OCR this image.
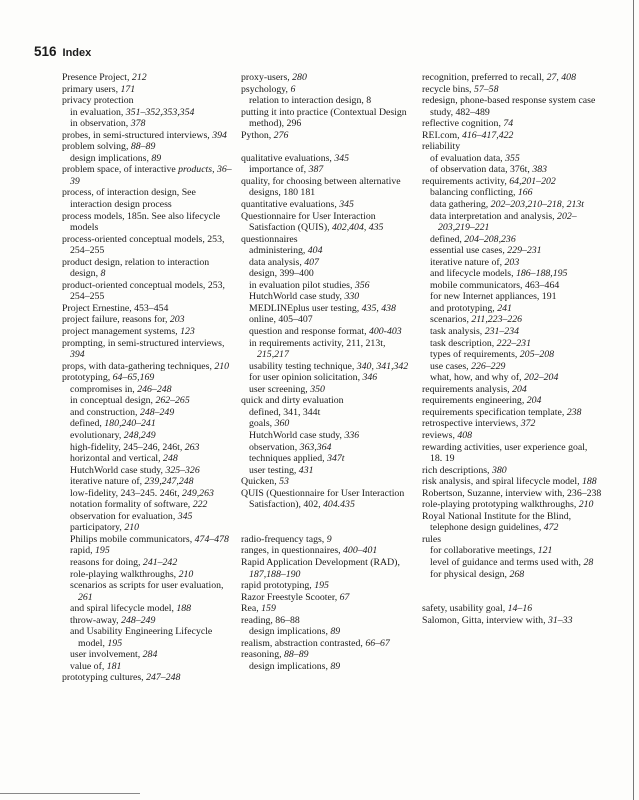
516 Index
Presence Project, 212
primary users, 171
privacy protection
in evaluation, 351–352,353,354
in observation, 378
probes, in semi-structured interviews, 394
problem solving, 88–89
design implications, 89
problem space, of interactive products, 36–39
process, of interaction design, See interaction design process
process models, 185n. See also lifecycle models
process-oriented conceptual models, 253, 254–255
product design, relation to interaction design, 8
product-oriented conceptual models, 253, 254–255
Project Ernestine, 453–454
project failure, reasons for, 203
project management systems, 123
prompting, in semi-structured interviews, 394
props, with data-gathering techniques, 210
prototyping, 64–65,169
compromises in, 246–248
in conceptual design, 262–265
and construction, 248–249
defined, 180,240–241
evolutionary, 248,249
high-fidelity, 245–246, 246t, 263
horizontal and vertical, 248
HutchWorld case study, 325–326
iterative nature of, 239,247,248
low-fidelity, 243–245. 246t, 249,263
notation formality of software, 222
observation for evaluation, 345
participatory, 210
Philips mobile communicators, 474–478
rapid, 195
reasons for doing, 241–242
role-playing walkthroughs, 210
scenarios as scripts for user evaluation, 261
and spiral lifecycle model, 188
throw-away, 248–249
and Usability Engineering Lifecycle model, 195
user involvement, 284
value of, 181
prototyping cultures, 247–248
proxy-users, 280
psychology, 6
relation to interaction design, 8
putting it into practice (Contextual Design method), 296
Python, 276
qualitative evaluations, 345
importance of, 387
quality, for choosing between alternative designs, 180 181
quantitative evaluations, 345
Questionnaire for User Interaction Satisfaction (QUIS), 402,404, 435
questionnaires
administering, 404
data analysis, 407
design, 399–400
in evaluation pilot studies, 356
HutchWorld case study, 330
MEDLINEplus user testing, 435, 438
online, 405–407
question and response format, 400-403
in requirements activity, 211, 213t, 215,217
usability testing technique, 340, 341,342
for user opinion solicitation, 346
user screening, 350
quick and dirty evaluation
defined, 341, 344t
goals, 360
HutchWorld case study, 336
observation, 363,364
techniques applied, 347t
user testing, 431
Quicken, 53
QUIS (Questionnaire for User Interaction Satisfaction), 402, 404.435
radio-frequency tags, 9
ranges, in questionnaires, 400–401
Rapid Application Development (RAD), 187,188–190
rapid prototyping, 195
Razor Freestyle Scooter, 67
Rea, 159
reading, 86–88
design implications, 89
realism, abstraction contrasted, 66–67
reasoning, 88–89
design implications, 89
recognition, preferred to recall, 27, 408
recycle bins, 57–58
redesign, phone-based response system case study, 482–489
reflective cognition, 74
REI.com, 416–417,422
reliability
of evaluation data, 355
of observation data, 376t, 383
requirements activity, 64,201–202
balancing conflicting, 166
data gathering, 202–203,210–218, 213t
data interpretation and analysis, 202–203,219–221
defined, 204–208,236
essential use cases, 229–231
iterative nature of, 203
and lifecycle models, 186–188,195
mobile communicators, 463–464
for new Internet appliances, 191
and prototyping, 241
scenarios, 211,223–226
task analysis, 231–234
task description, 222–231
types of requirements, 205–208
use cases, 226–229
what, how, and why of, 202–204
requirements analysis, 204
requirements engineering, 204
requirements specification template, 238
retrospective interviews, 372
reviews, 408
rewarding activities, user experience goal, 18. 19
rich descriptions, 380
risk analysis, and spiral lifecycle model, 188
Robertson, Suzanne, interview with, 236–238
role-playing prototyping walkthroughs, 210
Royal National Institute for the Blind, telephone design guidelines, 472
rules
for collaborative meetings, 121
level of guidance and terms used with, 28
for physical design, 268
safety, usability goal, 14–16
Salomon, Gitta, interview with, 31–33
